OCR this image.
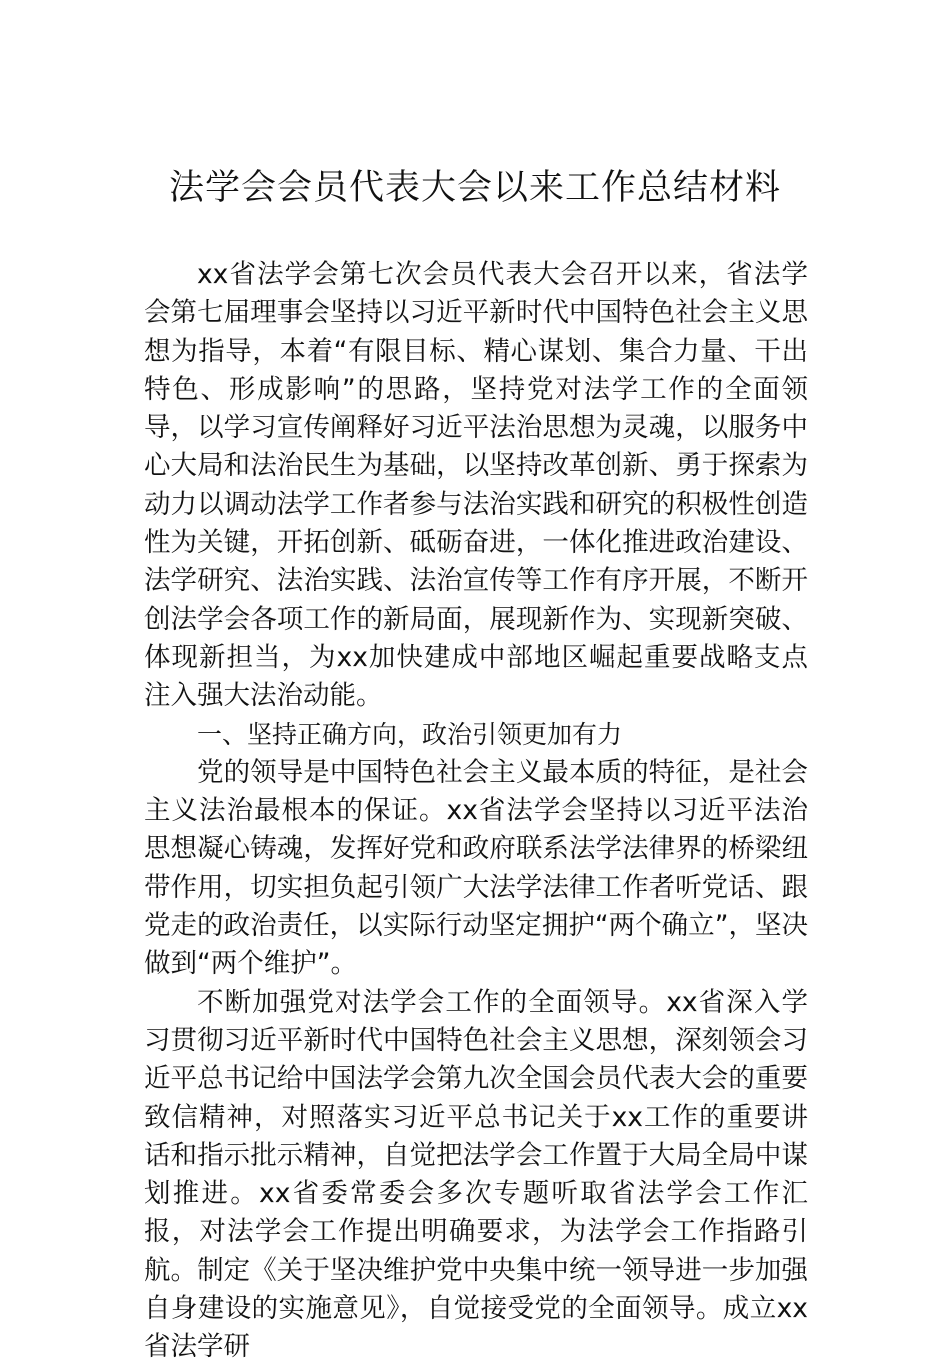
法学会会员代表大会以来工作总结材料

xx省法学会第七次会员代表大会召开以来，省法学会第七届理事会坚持以习近平新时代中国特色社会主义思想为指导，本着“有限目标、精心谋划、集合力量、干出特色、形成影响”的思路，坚持党对法学工作的全面领导，以学习宣传阐释好习近平法治思想为灵魂，以服务中心大局和法治民生为基础，以坚持改革创新、勇于探索为动力以调动法学工作者参与法治实践和研究的积极性创造性为关键，开拓创新、砥砺奋进，一体化推进政治建设、法学研究、法治实践、法治宣传等工作有序开展，不断开创法学会各项工作的新局面，展现新作为、实现新突破、体现新担当，为xx加快建成中部地区崛起重要战略支点注入强大法治动能。

一、坚持正确方向，政治引领更加有力

党的领导是中国特色社会主义最本质的特征，是社会主义法治最根本的保证。xx省法学会坚持以习近平法治思想凝心铸魂，发挥好党和政府联系法学法律界的桥梁纽带作用，切实担负起引领广大法学法律工作者听党话、跟党走的政治责任，以实际行动坚定拥护“两个确立”，坚决做到“两个维护”。

不断加强党对法学会工作的全面领导。xx省深入学习贯彻习近平新时代中国特色社会主义思想，深刻领会习近平总书记给中国法学会第九次全国会员代表大会的重要致信精神，对照落实习近平总书记关于xx工作的重要讲话和指示批示精神，自觉把法学会工作置于大局全局中谋划推进。xx省委常委会多次专题听取省法学会工作汇报，对法学会工作提出明确要求，为法学会工作指路引航。制定《关于坚决维护党中央集中统一领导进一步加强自身建设的实施意见》，自觉接受党的全面领导。成立xx省法学研
